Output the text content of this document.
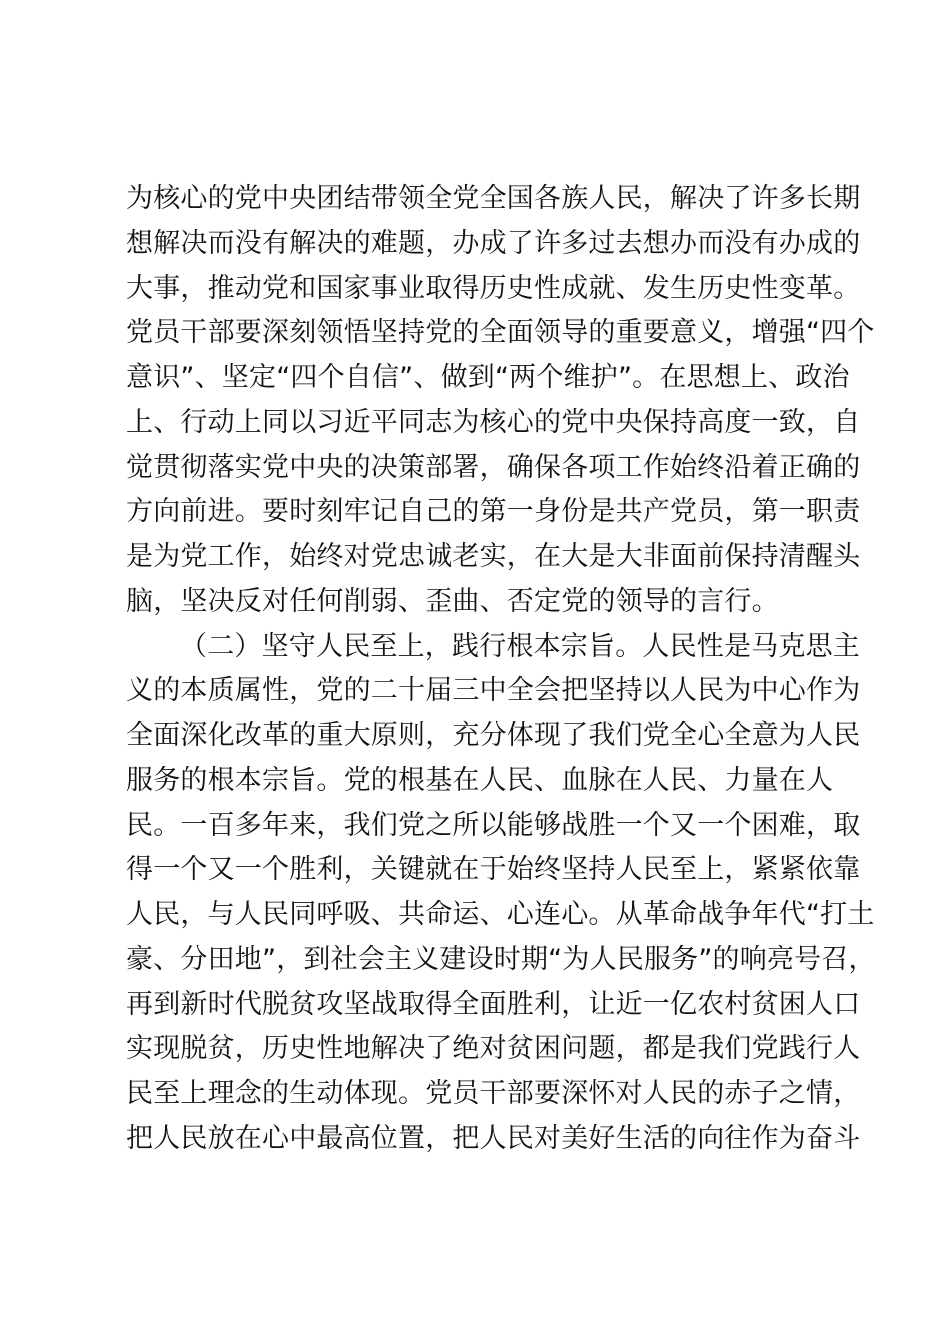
为核心的党中央团结带领全党全国各族人民，解决了许多长期
想解决而没有解决的难题，办成了许多过去想办而没有办成的
大事，推动党和国家事业取得历史性成就、发生历史性变革。
党员干部要深刻领悟坚持党的全面领导的重要意义，增强“四个
意识”、坚定“四个自信”、做到“两个维护”。在思想上、政治
上、行动上同以习近平同志为核心的党中央保持高度一致，自
觉贯彻落实党中央的决策部署，确保各项工作始终沿着正确的
方向前进。要时刻牢记自己的第一身份是共产党员，第一职责
是为党工作，始终对党忠诚老实，在大是大非面前保持清醒头
脑，坚决反对任何削弱、歪曲、否定党的领导的言行。
（二）坚守人民至上，践行根本宗旨。人民性是马克思主
义的本质属性，党的二十届三中全会把坚持以人民为中心作为
全面深化改革的重大原则，充分体现了我们党全心全意为人民
服务的根本宗旨。党的根基在人民、血脉在人民、力量在人
民。一百多年来，我们党之所以能够战胜一个又一个困难，取
得一个又一个胜利，关键就在于始终坚持人民至上，紧紧依靠
人民，与人民同呼吸、共命运、心连心。从革命战争年代“打土
豪、分田地”，到社会主义建设时期“为人民服务”的响亮号召，
再到新时代脱贫攻坚战取得全面胜利，让近一亿农村贫困人口
实现脱贫，历史性地解决了绝对贫困问题，都是我们党践行人
民至上理念的生动体现。党员干部要深怀对人民的赤子之情，
把人民放在心中最高位置，把人民对美好生活的向往作为奋斗
